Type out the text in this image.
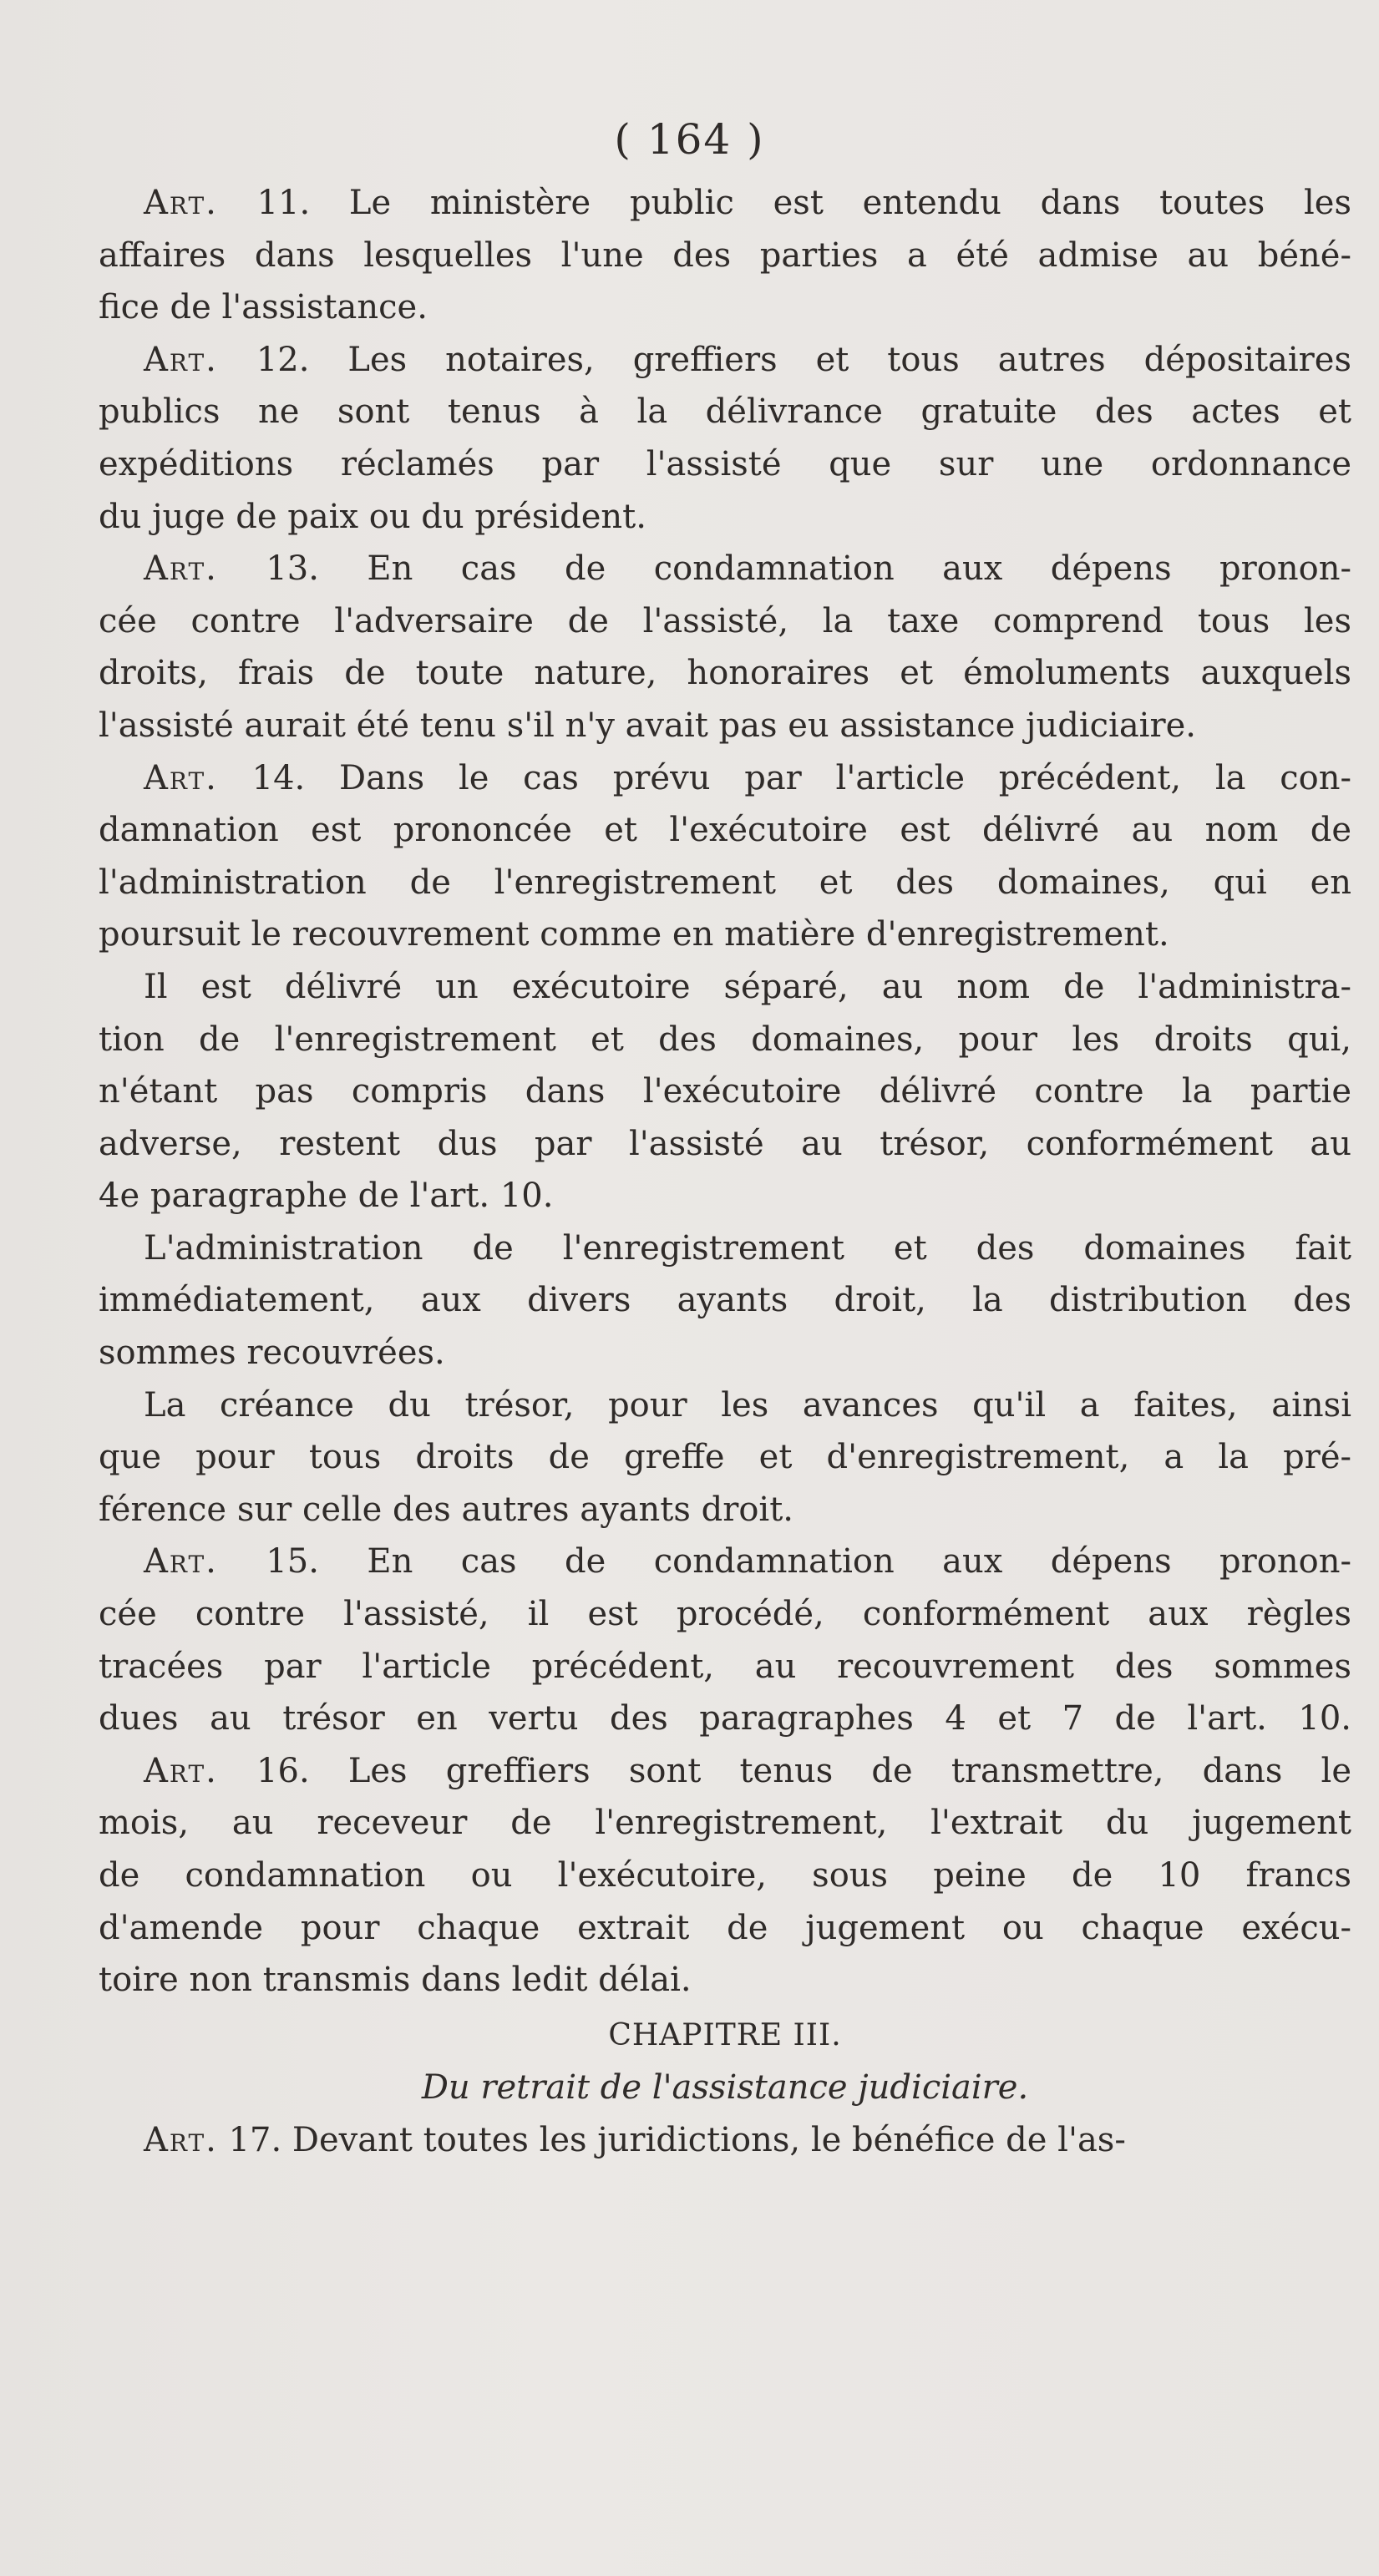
( 164 )
Art. 11. Le ministère public est entendu dans toutes les
affaires dans lesquelles l'une des parties a été admise au béné-
fice de l'assistance.
Art. 12. Les notaires, greffiers et tous autres dépositaires
publics ne sont tenus à la délivrance gratuite des actes et
expéditions réclamés par l'assisté que sur une ordonnance
du juge de paix ou du président.
Art. 13. En cas de condamnation aux dépens pronon-
cée contre l'adversaire de l'assisté, la taxe comprend tous les
droits, frais de toute nature, honoraires et émoluments auxquels
l'assisté aurait été tenu s'il n'y avait pas eu assistance judiciaire.
Art. 14. Dans le cas prévu par l'article précédent, la con-
damnation est prononcée et l'exécutoire est délivré au nom de
l'administration de l'enregistrement et des domaines, qui en
poursuit le recouvrement comme en matière d'enregistrement.
Il est délivré un exécutoire séparé, au nom de l'administra-
tion de l'enregistrement et des domaines, pour les droits qui,
n'étant pas compris dans l'exécutoire délivré contre la partie
adverse, restent dus par l'assisté au trésor, conformément au
4e paragraphe de l'art. 10.
L'administration de l'enregistrement et des domaines fait
immédiatement, aux divers ayants droit, la distribution des
sommes recouvrées.
La créance du trésor, pour les avances qu'il a faites, ainsi
que pour tous droits de greffe et d'enregistrement, a la pré-
férence sur celle des autres ayants droit.
Art. 15. En cas de condamnation aux dépens pronon-
cée contre l'assisté, il est procédé, conformément aux règles
tracées par l'article précédent, au recouvrement des sommes
dues au trésor en vertu des paragraphes 4 et 7 de l'art. 10.
Art. 16. Les greffiers sont tenus de transmettre, dans le
mois, au receveur de l'enregistrement, l'extrait du jugement
de condamnation ou l'exécutoire, sous peine de 10 francs
d'amende pour chaque extrait de jugement ou chaque exécu-
toire non transmis dans ledit délai.
CHAPITRE III.
Du retrait de l'assistance judiciaire.
Art. 17. Devant toutes les juridictions, le bénéfice de l'as-
